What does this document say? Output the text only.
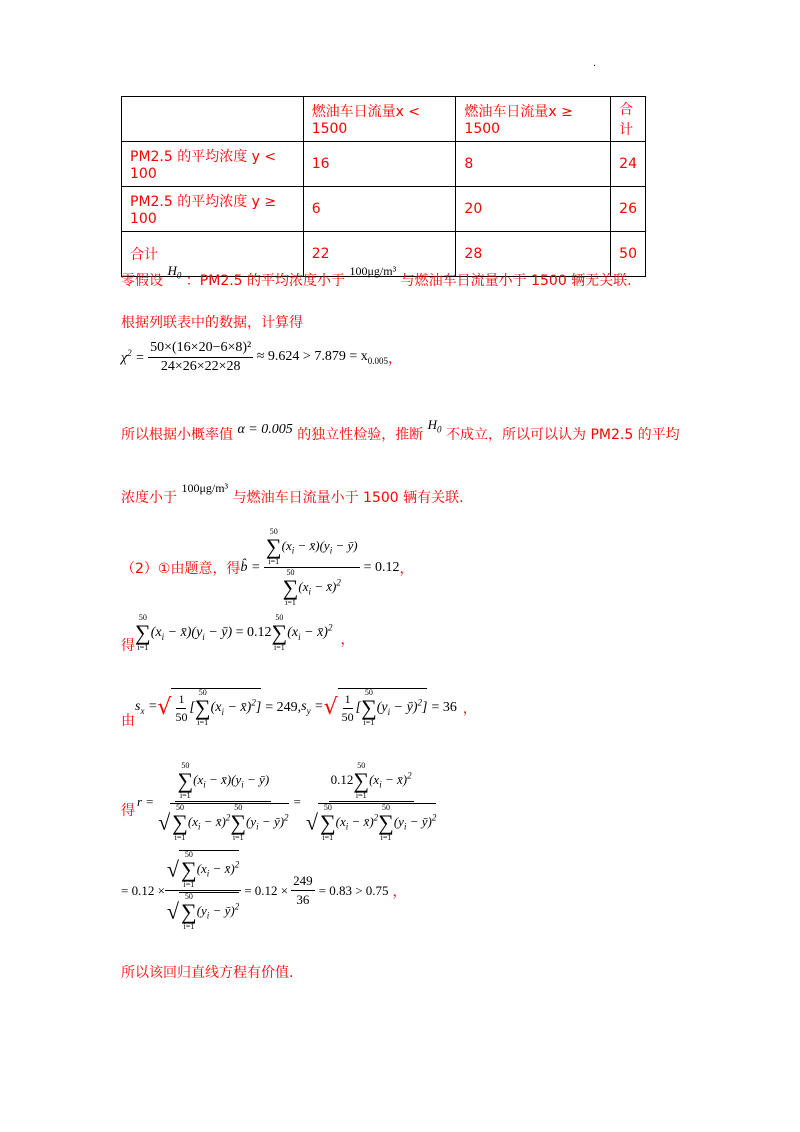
.
	燃油车日流量x < 1500	燃油车日流量x ≥ 1500	合计
PM2.5 的平均浓度 y < 100	16	8	24
PM2.5 的平均浓度 y ≥ 100	6	20	26
合计	22	28	50
零假设 $H_0$ ：PM2.5 的平均浓度小于 100μg/m³ 与燃油车日流量小于 1500 辆无关联.
根据列联表中的数据，计算得
$\chi^2 = \frac{\text{50×(16×20−6×8)²}}{24\times 26\times 22\times 28} \approx 9.624 > 7.879 = x_{0.005}$ ，
所以根据小概率值 α = 0.005 的独立性检验，推断 $H_0$ 不成立，所以可以认为 PM2.5 的平均
浓度小于 100μg/m³ 与燃油车日流量小于 1500 辆有关联.
（2）①由题意，得 b̂ = 50
∑
i=1
($x_i$ − $x̄)(y_i$ − ȳ)
50
∑
i=1
($x_i$ − x̄)$^2$ = 0.12 ，
得
50
∑
i=1
($x_i$ − $x̄)(y_i$ − ȳ) = 0.12
50
∑
i=1
($x_i$ − x̄)$^2$
，
由
$s_x$ = √ $\frac{1}{50}$ [
50
∑
i=1
($x_i$ − x̄)$^2$] = 249, $s_y$ = √ $\frac{1}{50}$ [
50
∑
i=1
($y_i$ − ȳ)$^2$] = 36 ，
得
r = 50
∑
i=1
($x_i$ − $x̄)(y_i$ − ȳ)
√
50
∑
i=1
($x_i$ − x̄)$^2$
50
∑
i=1
($y_i$ − ȳ)$^2$ = 0.12
50
∑
i=1
($x_i$ − x̄)$^2$
√
50
∑
i=1
($x_i$ − x̄)$^2$
50
∑
i=1
($y_i$ − ȳ)$^2$
= 0.12 × √
50
∑
i=1
($x_i$ − x̄)$^2$
√
50
∑
i=1
($y_i$ − ȳ)$^2$ = $0.12 \times \frac{249}{36} = 0.83 > 0.75$ ，
所以该回归直线方程有价值.
